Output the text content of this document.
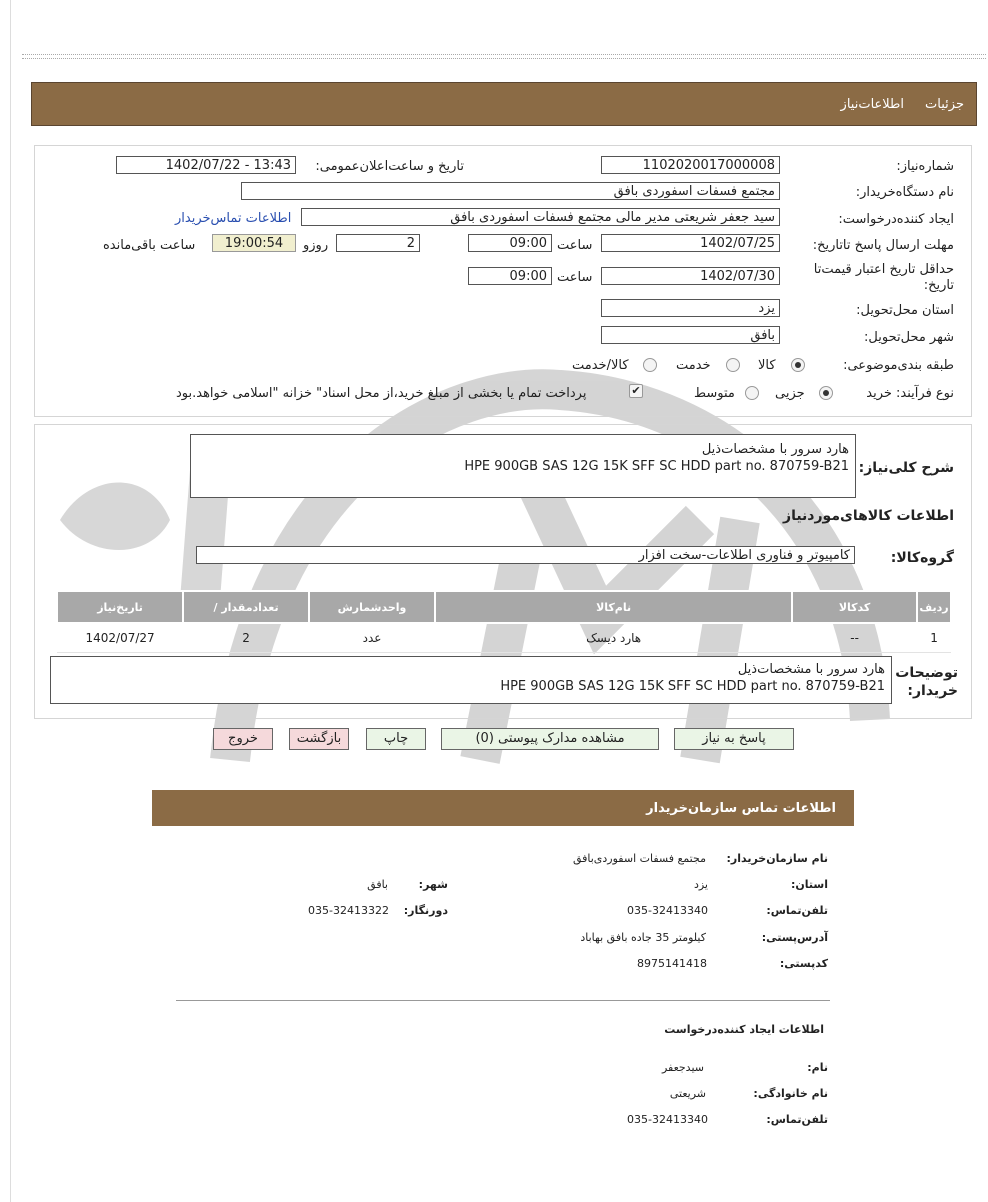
جزئیات
اطلاعات‌نیاز
شماره‌نیاز:
1102020017000008
تاریخ و ساعت‌اعلان‌عمومی:
1402/07/22 - 13:43
نام دستگاه‌خریدار:
مجتمع فسفات اسفوردی بافق
ایجاد کننده‌درخواست:
سید جعفر شریعتی مدیر مالی مجتمع فسفات اسفوردی بافق
اطلاعات تماس‌خریدار
مهلت ارسال پاسخ تا‌تاریخ:
1402/07/25
ساعت
09:00
2
روزو
19:00:54
ساعت باقی‌مانده
حداقل تاریخ اعتبار قیمت‌تا تاریخ:
1402/07/30
ساعت
09:00
استان محل‌تحویل:
یزد
شهر محل‌تحویل:
بافق
طبقه بندی‌موضوعی:
کالا
خدمت
کالا/خدمت
نوع فرآیند: خرید
جزیی
متوسط
✔
پرداخت تمام یا بخشی از مبلغ خرید،از محل اسناد" خزانه "اسلامی خواهد.بود
شرح کلی‌نیاز:
هارد سرور با مشخصات‌ذیل
HPE 900GB SAS 12G 15K SFF SC HDD part no. 870759-B21
اطلاعات کالاهای‌موردنیاز
گروه‌کالا:
کامپیوتر و فناوری اطلاعات-سخت افزار
ردیف	کدکالا	نام‌کالا	واحدشمارش	تعداد‌مقدار /	تاریخ‌نیاز
1	--	هارد دیسک	عدد	2	1402/07/27
توضیحات خریدار:
هارد سرور با مشخصات‌ذیل
HPE 900GB SAS 12G 15K SFF SC HDD part no. 870759-B21
پاسخ به نیاز
مشاهده مدارک پیوستی (0)
چاپ
بازگشت
خروج
اطلاعات تماس سازمان‌خریدار
نام سازمان‌خریدار:
مجتمع فسفات اسفوردی‌بافق
استان:
یزد
شهر:
بافق
تلفن‌تماس:
035-32413340
دورنگار:
035-32413322
آدرس‌پستی:
کیلومتر 35 جاده بافق بهاباد
کدپستی:
8975141418
اطلاعات ایجاد کننده‌درخواست
نام:
سیدجعفر
نام خانوادگی:
شریعتی
تلفن‌تماس:
035-32413340
